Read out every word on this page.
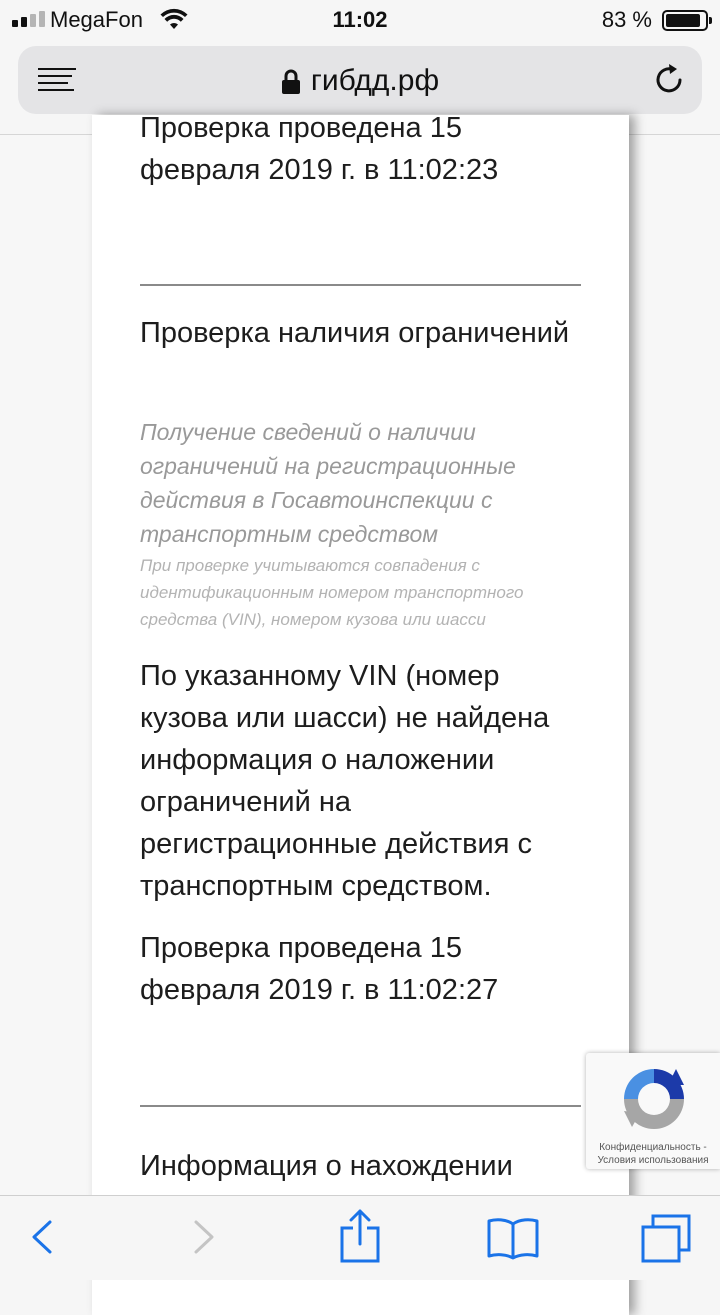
MegaFon	11:02	83 %
гибдд.рф
Проверка проведена 15 февраля 2019 г. в 11:02:23
Проверка наличия ограничений
Получение сведений о наличии ограничений на регистрационные действия в Госавтоинспекции с транспортным средством
При проверке учитываются совпадения с идентификационным номером транспортного средства (VIN), номером кузова или шасси
По указанному VIN (номер кузова или шасси) не найдена информация о наложении ограничений на регистрационные действия с транспортным средством.
Проверка проведена 15 февраля 2019 г. в 11:02:27
Информация о нахождении
Конфиденциальность - Условия использования
